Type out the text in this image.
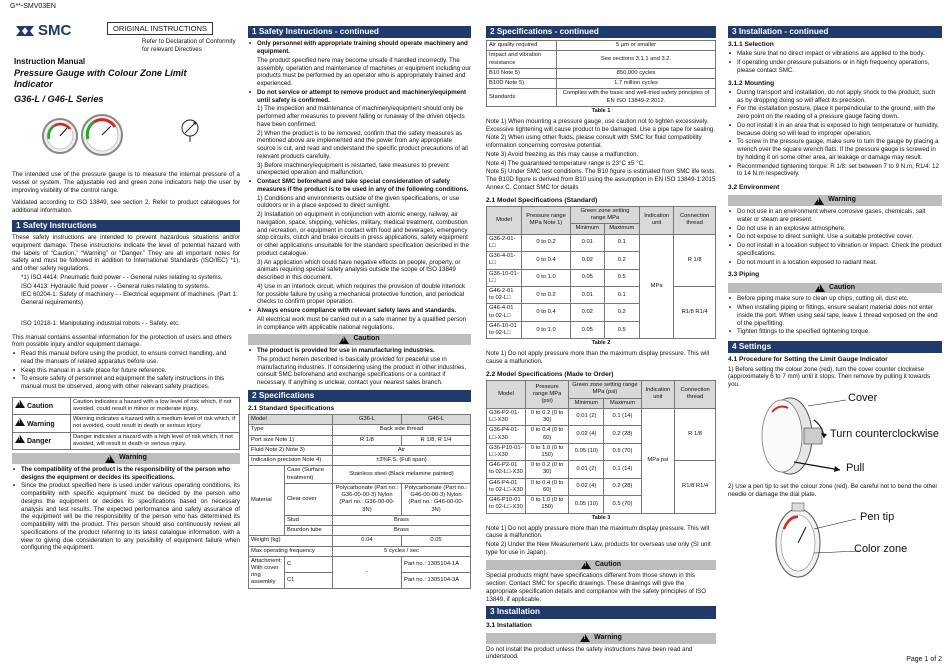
G**-SMV03EN
Page 1 of 2
SMC	ORIGINAL INSTRUCTIONS
Refer to Declaration of Conformity for relevant Directives
Instruction Manual
Pressure Gauge with Colour Zone Limit Indicator
G36-L / G46-L Series

The intended use of the pressure gauge is to measure the internal pressure of a vessel or system. The adjustable red and green zone indicators help the user by improving visibility of the control range.

Validated according to ISO 13849, see section 2. Refer to product catalogues for additional information.

1 Safety Instructions

These safety instructions are intended to prevent hazardous situations and/or equipment damage. These instructions indicate the level of potential hazard with the labels of “Caution,” “Warning” or “Danger.” They are all important notes for safety and must be followed in addition to International Standards (ISO/IEC) *1), and other safety regulations.

*1) ISO 4414: Pneumatic fluid power - - General rules relating to systems.

ISO 4413: Hydraulic fluid power - - General rules relating to systems.

IEC 60204-1: Safety of machinery - - Electrical equipment of machines. (Part 1: General requirements)

ISO 10218-1: Manipulating industrial robots - - Safety. etc.

This manual contains essential information for the protection of users and others from possible injury and/or equipment damage.

• Read this manual before using the product, to ensure correct handling, and read the manuals of related apparatus before use.
• Keep this manual in a safe place for future reference.
• To ensure safety of personnel and equipment the safety instructions in this manual must be observed, along with other relevant safety practices.
! Caution	Caution indicates a hazard with a low level of risk which, if not avoided, could result in minor or moderate injury.
! Warning	Warning indicates a hazard with a medium level of risk which, if not avoided, could result in death or serious injury.
! Danger	Danger indicates a hazard with a high level of risk which, if not avoided, will result in death or serious injury.
!
Warning
• The compatibility of the product is the responsibility of the person who designs the equipment or decides its specifications.
• Since the product specified here is used under various operating conditions, its compatibility with specific equipment must be decided by the person who designs the equipment or decides its specifications based on necessary analysis and test results. The expected performance and safety assurance of the equipment will be the responsibility of the person who has determined its compatibility with the product. This person should also continuously review all specifications of the product referring to its latest catalogue information, with a view to giving due consideration to any possibility of equipment failure when configuring the equipment.
1 Safety Instructions - continued
• Only personnel with appropriate training should operate machinery and equipment.

The product specified here may become unsafe if handled incorrectly. The assembly, operation and maintenance of machines or equipment including our products must be performed by an operator who is appropriately trained and experienced.

• Do not service or attempt to remove product and machinery/equipment until safety is confirmed.

1) The inspection and maintenance of machinery/equipment should only be performed after measures to prevent falling or runaway of the driven objects have been confirmed.

2) When the product is to be removed, confirm that the safety measures as mentioned above are implemented and the power from any appropriate source is cut, and read and understand the specific product precautions of all relevant products carefully.

3) Before machinery/equipment is restarted, take measures to prevent unexpected operation and malfunction.

• Contact SMC beforehand and take special consideration of safety measures if the product is to be used in any of the following conditions.

1) Conditions and environments outside of the given specifications, or use outdoors or in a place exposed to direct sunlight.

2) Installation on equipment in conjunction with atomic energy, railway, air navigation, space, shipping, vehicles, military, medical treatment, combustion and recreation, or equipment in contact with food and beverages, emergency stop circuits, clutch and brake circuits in press applications, safety equipment or other applications unsuitable for the standard specification described in the product catalogue.

3) An application which could have negative effects on people, property, or animals requiring special safety analysis outside the scope of ISO 13849 described in this document.

4) Use in an interlock circuit, which requires the provision of double interlock for possible failure by using a mechanical protective function, and periodical checks to confirm proper operation.

• Always ensure compliance with relevant safety laws and standards.

All electrical work must be carried out in a safe manner by a qualified person in compliance with applicable national regulations.

!
Caution
• The product is provided for use in manufacturing industries.

The product herein described is basically provided for peaceful use in manufacturing industries. If considering using the product in other industries, consult SMC beforehand and exchange specifications or a contract if necessary. If anything is unclear, contact your nearest sales branch.

2 Specifications
2.1 Standard Specifications
Model		G36-L	G46-L
Type		Back side thread	
Port size Note 1)		R 1/8	R 1/8, R 1/4
Fluid Note 2) Note 3)		Air	
Indication precision Note 4)		±3%F.S. (Full span)	
Material	Case (Surface treatment)	Stainless steel (Black melamine painted)	
	Clear cover	Polycarbonate (Part no.: G36-00-00-3) Nylon (Part no.: G36-00-00-3N)	Polycarbonate (Part no.: G46-00-00-3) Nylon (Part no.: G46-00-00-3N)
	Stud	Brass	
	Bourdon tube	Brass	
Weight (kg)		0.04	0.05
Max operating frequency		5 cycles / sec	
Attachment: With cover ring assembly	C	-	Part no.: 1305104-1A
	C1		Part no.: 1305104-3A
2 Specifications - continued
Air quality required	5 µm or smaller
Impact and vibration resistance	See sections 3.1.1 and 3.2.
B10 Note 5)	850,000 cycles
B10D Note 5)	1.7 million cycles
Standards	Complies with the basic and well-tried safety principles of EN ISO 13849-2:2012.
Table 1

Note 1) When mounting a pressure gauge, use caution not to tighten excessively. Excessive tightening will cause product to be damaged. Use a pipe tape for sealing.

Note 2) When using other fluids, please consult with SMC for fluid compatibility information concerning corrosive potential.

Note 3) Avoid freezing as this may cause a malfunction.

Note 4) The guaranteed temperature range is 23°C ±5 °C.

Note 5) Under SMC test conditions. The B10 figure is estimated from SMC life tests. The B10D figure is derived from B10 using the assumption in EN ISO 13849-1:2015 Annex C. Contact SMC for details

2.1 Model Specifications (Standard)
Model	Pressure range MPa Note 1)	Green zone setting range MPa		Indication unit	Connection thread
		Minimum	Maximum		
G36-2-01-L□	0 to 0.2	0.01	0.1	MPa	R 1/8
G36-4-01-L□	0 to 0.4	0.02	0.2		
G36-10-01-L□	0 to 1.0	0.05	0.5		
G46-2-01 to 02-L□	0 to 0.2	0.01	0.1		R1/8 R1/4
G46-4-01 to 02-L□	0 to 0.4	0.02	0.2		
G46-10-01 to 02-L□	0 to 1.0	0.05	0.5		
Table 2

Note 1) Do not apply pressure more than the maximum display pressure. This will cause a malfunction.

2.2 Model Specifications (Made to Order)
Model	Pressure range MPa (psi)	Green zone setting range MPa (psi)		Indication unit	Connection thread
		Minimum	Maximum		
G36-P2-01-L□-X30	0 to 0.2 (0 to 30)	0.01 (2)	0.1 (14)	MPa psi	R 1/8
G36-P4-01-L□-X30	0 to 0.4 (0 to 60)	0.02 (4)	0.2 (28)		
G36-P10-01-L□-X30	0 to 1.0 (0 to 150)	0.05 (10)	0.5 (70)		
G46-P2-01 to 02-L□-X30	0 to 0.2 (0 to 30)	0.01 (2)	0.1 (14)		R1/8 R1/4
G46-P4-01 to 02-L□-X30	0 to 0.4 (0 to 60)	0.02 (4)	0.2 (28)		
G46-P10-01 to 02-L□-X30	0 to 1.0 (0 to 150)	0.05 (10)	0.5 (70)		
Table 3

Note 1) Do not apply pressure more than the maximum display pressure. This will cause a malfunction.

Note 2) Under the New Measurement Law, products for overseas use only (SI unit type for use in Japan).

!
Caution

Special products might have specifications different from those shown in this section. Contact SMC for specific drawings. These drawings will give the appropriate specification details and compliance with the safety principles of ISO 13849, if applicable.

3 Installation
3.1 Installation
!
Warning

Do not install the product unless the safety instructions have been read and understood.

3 Installation - continued
3.1.1 Selection
• Make sure that no direct impact or vibrations are applied to the body.
• If operating under pressure pulsations or in high frequency operations, please contact SMC.
3.1.2 Mounting
• During transport and installation, do not apply shock to the product, such as by dropping doing so will affect its precision.
• For the installation posture, place it perpendicular to the ground, with the zero point on the reading of a pressure gauge facing down.
• Do not install it in an area that is exposed to high temperature or humidity, because doing so will lead to improper operation.
• To screw in the pressure gauge, make sure to turn the gauge by placing a wrench over the square wrench flats. If the pressure gauge is screwed in by holding it on some other area, air leakage or damage may result.
• Recommended tightening torque: R 1/8: set between 7 to 9 N.m, R1/4: 12 to 14 N.m respectively.
3.2 Environment
!
Warning
• Do not use in an environment where corrosive gases, chemicals, salt water or steam are present.
• Do not use in an explosive atmosphere.
• Do not expose to direct sunlight. Use a suitable protective cover.
• Do not install in a location subject to vibration or impact. Check the product specifications.
• Do not mount in a location exposed to radiant heat.
3.3 Piping
!
Caution
• Before piping make sure to clean up chips, cutting oil, dust etc.
• When installing piping or fittings, ensure sealant material does not enter inside the port. When using seal tape, leave 1 thread exposed on the end of the pipe/fitting.
• Tighten fittings to the specified tightening torque.
4 Settings
4.1 Procedure for Setting the Limit Gauge Indicator

1) Before setting the colour zone (red), turn the cover counter clockwise (approximately 6 to 7 mm) until it stops. Then remove by pulling it towards you.

Cover
Turn counterclockwise
Pull

2) Use a pen tip to set the colour zone (red). Be careful not to bend the other needle or damage the dial plate.

Pen tip
Color zone
